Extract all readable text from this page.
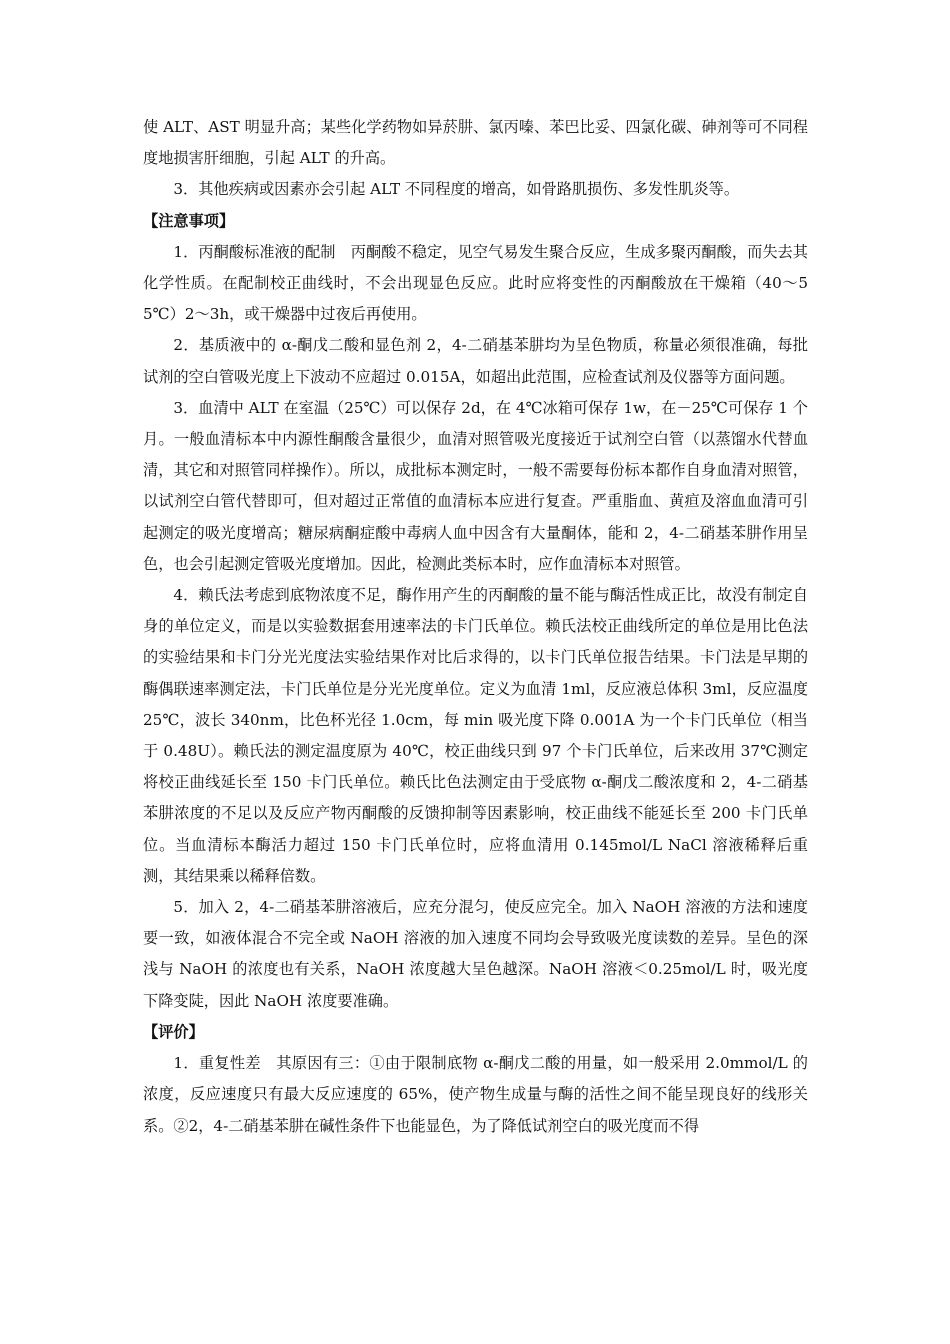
使 ALT、AST 明显升高；某些化学药物如异菸肼、氯丙嗪、苯巴比妥、四氯化碳、砷剂等可不同程度地损害肝细胞，引起 ALT 的升高。

3．其他疾病或因素亦会引起 ALT 不同程度的增高，如骨路肌损伤、多发性肌炎等。

【注意事项】

1．丙酮酸标准液的配制　丙酮酸不稳定，见空气易发生聚合反应，生成多聚丙酮酸，而失去其化学性质。在配制校正曲线时，不会出现显色反应。此时应将变性的丙酮酸放在干燥箱（40～55℃）2～3h，或干燥器中过夜后再使用。

2．基质液中的 α-酮戊二酸和显色剂 2，4-二硝基苯肼均为呈色物质，称量必须很准确，每批试剂的空白管吸光度上下波动不应超过 0.015A，如超出此范围，应检查试剂及仪器等方面问题。

3．血清中 ALT 在室温（25℃）可以保存 2d，在 4℃冰箱可保存 1w，在－25℃可保存 1 个月。一般血清标本中内源性酮酸含量很少，血清对照管吸光度接近于试剂空白管（以蒸馏水代替血清，其它和对照管同样操作）。所以，成批标本测定时，一般不需要每份标本都作自身血清对照管，以试剂空白管代替即可，但对超过正常值的血清标本应进行复查。严重脂血、黄疸及溶血血清可引起测定的吸光度增高；糖尿病酮症酸中毒病人血中因含有大量酮体，能和 2，4-二硝基苯肼作用呈色，也会引起测定管吸光度增加。因此，检测此类标本时，应作血清标本对照管。

4．赖氏法考虑到底物浓度不足，酶作用产生的丙酮酸的量不能与酶活性成正比，故没有制定自身的单位定义，而是以实验数据套用速率法的卡门氏单位。赖氏法校正曲线所定的单位是用比色法的实验结果和卡门分光光度法实验结果作对比后求得的，以卡门氏单位报告结果。卡门法是早期的酶偶联速率测定法，卡门氏单位是分光光度单位。定义为血清 1ml，反应液总体积 3ml，反应温度 25℃，波长 340nm，比色杯光径 1.0cm，每 min 吸光度下降 0.001A 为一个卡门氏单位（相当于 0.48U）。赖氏法的测定温度原为 40℃，校正曲线只到 97 个卡门氏单位，后来改用 37℃测定将校正曲线延长至 150 卡门氏单位。赖氏比色法测定由于受底物 α-酮戊二酸浓度和 2，4-二硝基苯肼浓度的不足以及反应产物丙酮酸的反馈抑制等因素影响，校正曲线不能延长至 200 卡门氏单位。当血清标本酶活力超过 150 卡门氏单位时，应将血清用 0.145mol/L NaCl 溶液稀释后重测，其结果乘以稀释倍数。

5．加入 2，4-二硝基苯肼溶液后，应充分混匀，使反应完全。加入 NaOH 溶液的方法和速度要一致，如液体混合不完全或 NaOH 溶液的加入速度不同均会导致吸光度读数的差异。呈色的深浅与 NaOH 的浓度也有关系，NaOH 浓度越大呈色越深。NaOH 溶液＜0.25mol/L 时，吸光度下降变陡，因此 NaOH 浓度要准确。

【评价】

1．重复性差　其原因有三：①由于限制底物 α-酮戊二酸的用量，如一般采用 2.0mmol/L 的浓度，反应速度只有最大反应速度的 65%，使产物生成量与酶的活性之间不能呈现良好的线形关系。②2，4-二硝基苯肼在碱性条件下也能显色，为了降低试剂空白的吸光度而不得
